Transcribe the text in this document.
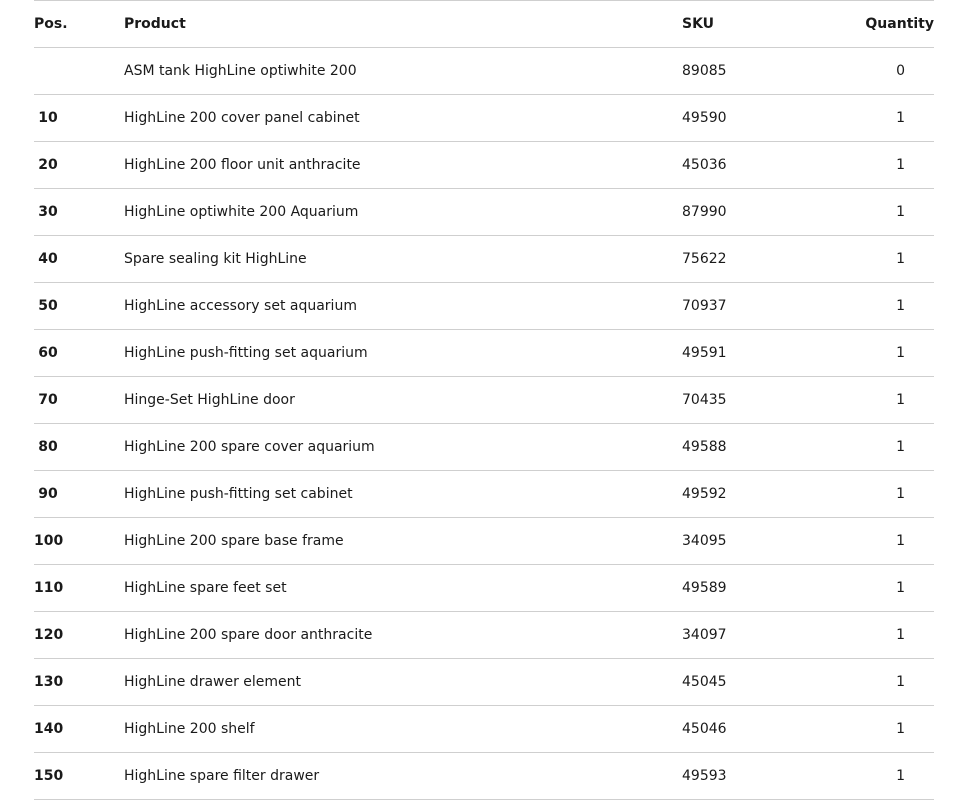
Pos.	Product	SKU	Quantity
	ASM tank HighLine optiwhite 200	89085	0
10	HighLine 200 cover panel cabinet	49590	1
20	HighLine 200 floor unit anthracite	45036	1
30	HighLine optiwhite 200 Aquarium	87990	1
40	Spare sealing kit HighLine	75622	1
50	HighLine accessory set aquarium	70937	1
60	HighLine push-fitting set aquarium	49591	1
70	Hinge-Set HighLine door	70435	1
80	HighLine 200 spare cover aquarium	49588	1
90	HighLine push-fitting set cabinet	49592	1
100	HighLine 200 spare base frame	34095	1
110	HighLine spare feet set	49589	1
120	HighLine 200 spare door anthracite	34097	1
130	HighLine drawer element	45045	1
140	HighLine 200 shelf	45046	1
150	HighLine spare filter drawer	49593	1
